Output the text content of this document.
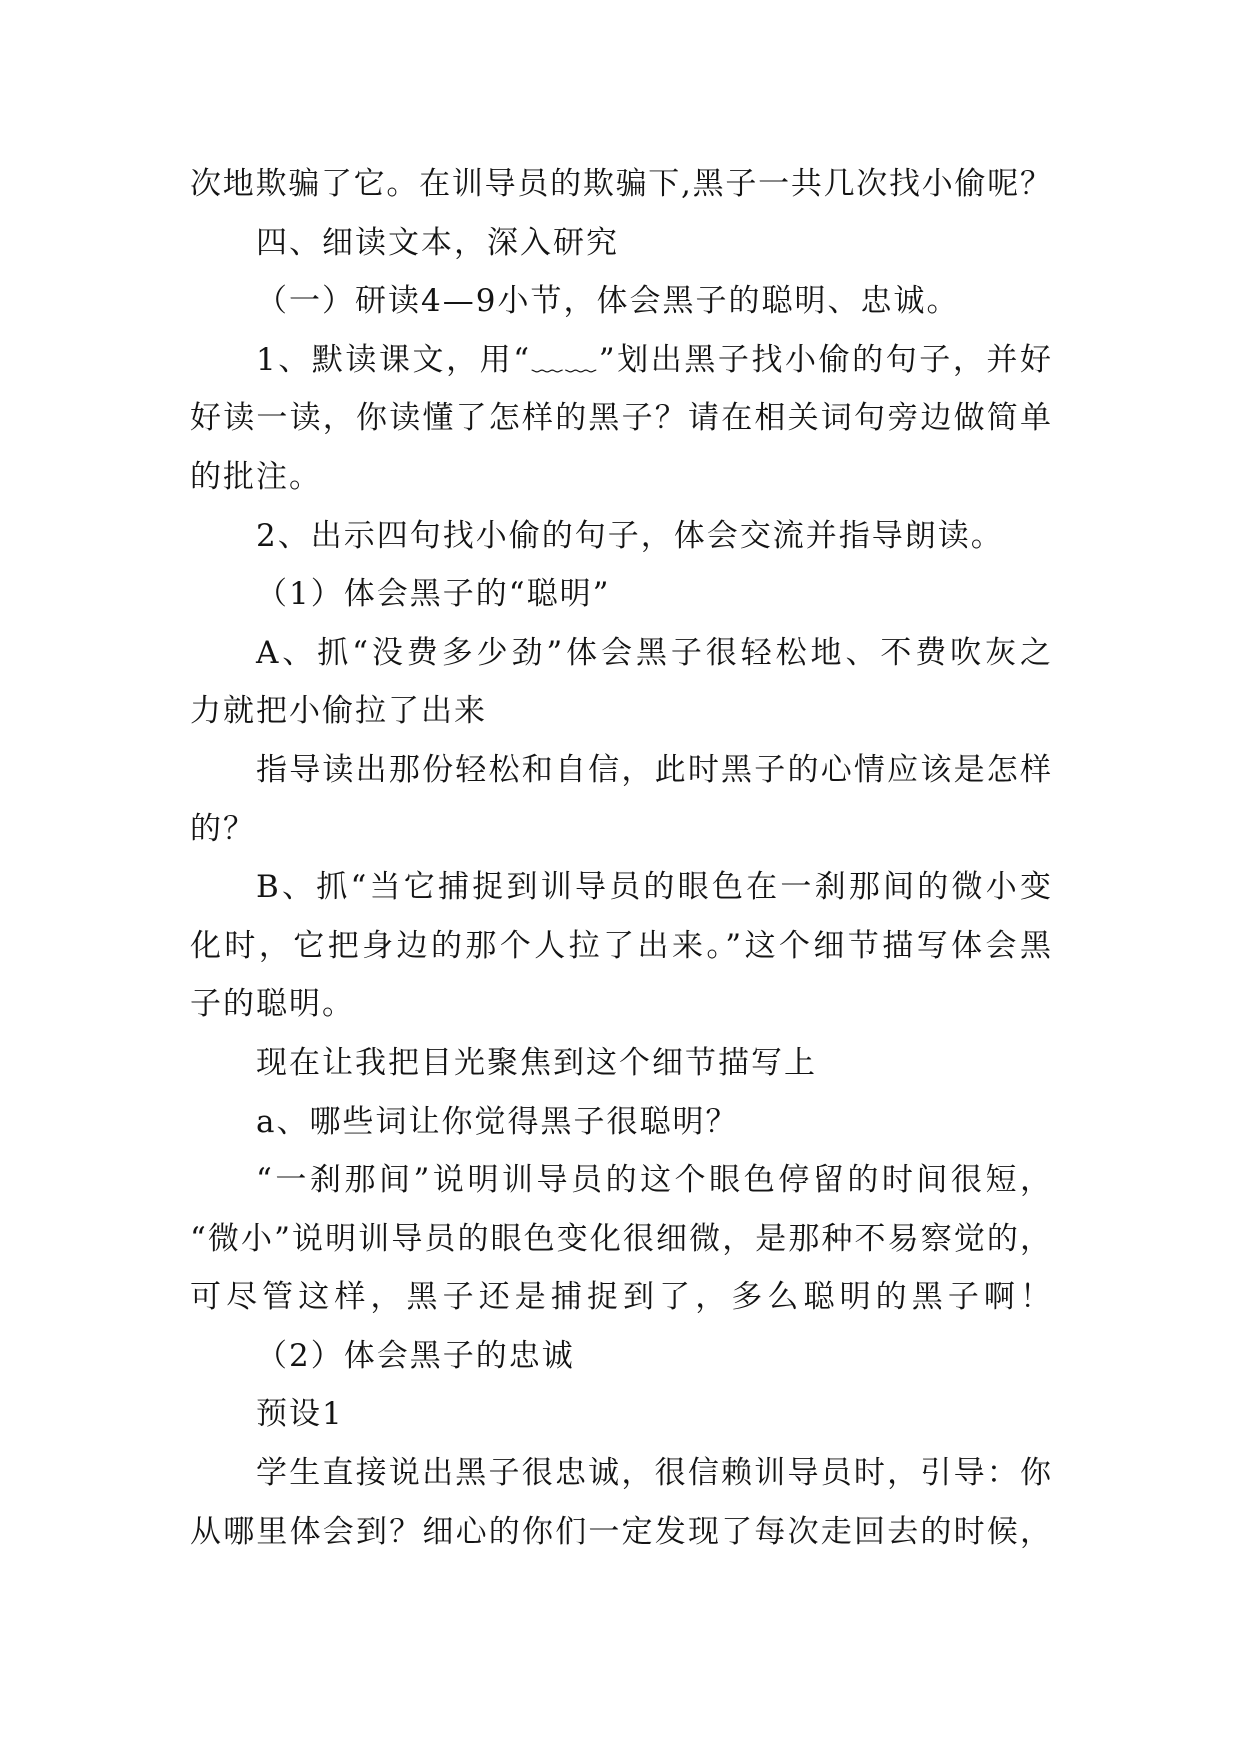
次地欺骗了它。在训导员的欺骗下,黑子一共几次找小偷呢？
四、细读文本，深入研究
（一）研读4—9小节，体会黑子的聪明、忠诚。
1、默读课文，用“﹏﹏”划出黑子找小偷的句子，并好
好读一读，你读懂了怎样的黑子？请在相关词句旁边做简单
的批注。
2、出示四句找小偷的句子，体会交流并指导朗读。
（1）体会黑子的“聪明”
A、抓“没费多少劲”体会黑子很轻松地、不费吹灰之
力就把小偷拉了出来
指导读出那份轻松和自信，此时黑子的心情应该是怎样
的？
B、抓“当它捕捉到训导员的眼色在一刹那间的微小变
化时，它把身边的那个人拉了出来。”这个细节描写体会黑
子的聪明。
现在让我把目光聚焦到这个细节描写上
a、哪些词让你觉得黑子很聪明？
“一刹那间”说明训导员的这个眼色停留的时间很短，
“微小”说明训导员的眼色变化很细微，是那种不易察觉的，
可尽管这样，黑子还是捕捉到了，多么聪明的黑子啊！
（2）体会黑子的忠诚
预设1
学生直接说出黑子很忠诚，很信赖训导员时，引导：你
从哪里体会到？细心的你们一定发现了每次走回去的时候，
